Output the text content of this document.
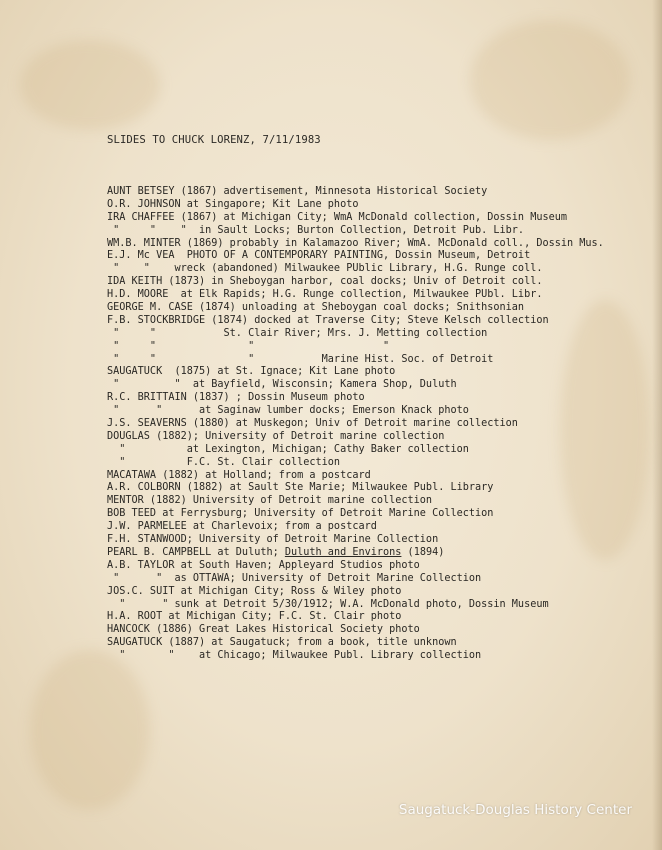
SLIDES TO CHUCK LORENZ, 7/11/1983
AUNT BETSEY (1867) advertisement, Minnesota Historical Society
O.R. JOHNSON at Singapore; Kit Lane photo
IRA CHAFFEE (1867) at Michigan City; WmA McDonald collection, Dossin Museum
"     "    "  in Sault Locks; Burton Collection, Detroit Pub. Libr.
WM.B. MINTER (1869) probably in Kalamazoo River; WmA. McDonald coll., Dossin Mus.
E.J. Mc VEA  PHOTO OF A CONTEMPORARY PAINTING, Dossin Museum, Detroit
"    "    wreck (abandoned) Milwaukee PUblic Library, H.G. Runge coll.
IDA KEITH (1873) in Sheboygan harbor, coal docks; Univ of Detroit coll.
H.D. MOORE  at Elk Rapids; H.G. Runge collection, Milwaukee PUbl. Libr.
GEORGE M. CASE (1874) unloading at Sheboygan coal docks; Snithsonian
F.B. STOCKBRIDGE (1874) docked at Traverse City; Steve Kelsch collection
"     "           St. Clair River; Mrs. J. Metting collection
"     "               "                     "
"     "               "           Marine Hist. Soc. of Detroit
SAUGATUCK  (1875) at St. Ignace; Kit Lane photo
"         "  at Bayfield, Wisconsin; Kamera Shop, Duluth
R.C. BRITTAIN (1837) ; Dossin Museum photo
"      "      at Saginaw lumber docks; Emerson Knack photo
J.S. SEAVERNS (1880) at Muskegon; Univ of Detroit marine collection
DOUGLAS (1882); University of Detroit marine collection
"          at Lexington, Michigan; Cathy Baker collection
"          F.C. St. Clair collection
MACATAWA (1882) at Holland; from a postcard
A.R. COLBORN (1882) at Sault Ste Marie; Milwaukee Publ. Library
MENTOR (1882) University of Detroit marine collection
BOB TEED at Ferrysburg; University of Detroit Marine Collection
J.W. PARMELEE at Charlevoix; from a postcard
F.H. STANWOOD; University of Detroit Marine Collection
PEARL B. CAMPBELL at Duluth; Duluth and Environs (1894)
A.B. TAYLOR at South Haven; Appleyard Studios photo
"      "  as OTTAWA; University of Detroit Marine Collection
JOS.C. SUIT at Michigan City; Ross & Wiley photo
"      " sunk at Detroit 5/30/1912; W.A. McDonald photo, Dossin Museum
H.A. ROOT at Michigan City; F.C. St. Clair photo
HANCOCK (1886) Great Lakes Historical Society photo
SAUGATUCK (1887) at Saugatuck; from a book, title unknown
"       "    at Chicago; Milwaukee Publ. Library collection
Saugatuck-Douglas History Center
